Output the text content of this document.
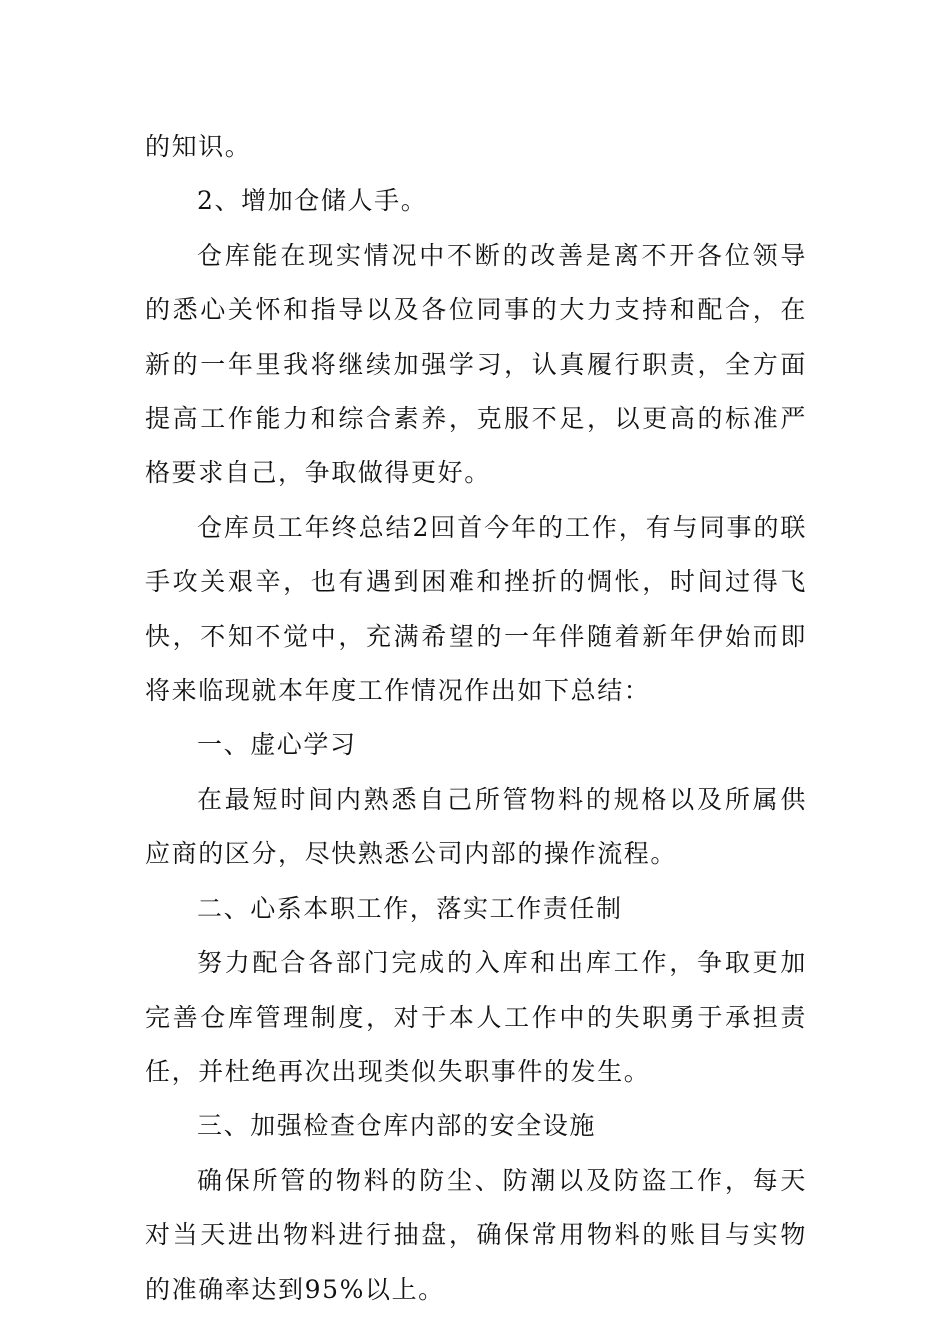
的知识。

2、增加仓储人手。

仓库能在现实情况中不断的改善是离不开各位领导的悉心关怀和指导以及各位同事的大力支持和配合，在新的一年里我将继续加强学习，认真履行职责，全方面提高工作能力和综合素养，克服不足，以更高的标准严格要求自己，争取做得更好。

仓库员工年终总结2回首今年的工作，有与同事的联手攻关艰辛，也有遇到困难和挫折的惆怅，时间过得飞快，不知不觉中，充满希望的一年伴随着新年伊始而即将来临现就本年度工作情况作出如下总结：

一、虚心学习

在最短时间内熟悉自己所管物料的规格以及所属供应商的区分，尽快熟悉公司内部的操作流程。

二、心系本职工作，落实工作责任制

努力配合各部门完成的入库和出库工作，争取更加完善仓库管理制度，对于本人工作中的失职勇于承担责任，并杜绝再次出现类似失职事件的发生。

三、加强检查仓库内部的安全设施

确保所管的物料的防尘、防潮以及防盗工作，每天对当天进出物料进行抽盘，确保常用物料的账目与实物的准确率达到95%以上。
